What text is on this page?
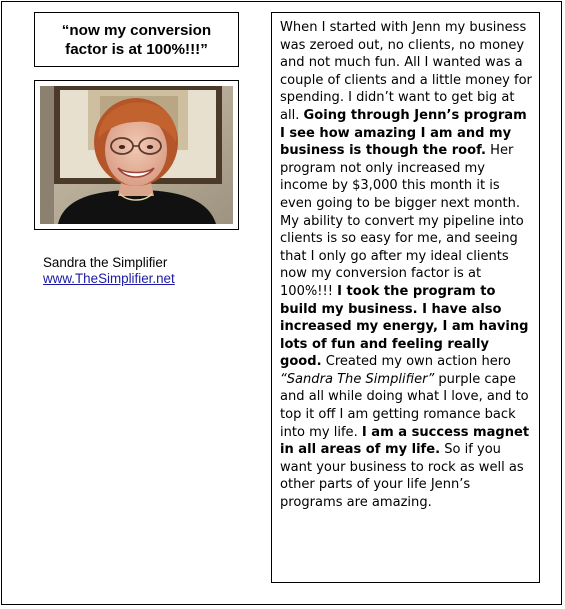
“now my conversion
factor is at 100%!!!”
Sandra the Simplifier
www.TheSimplifier.net

When I started with Jenn my business was zeroed out, no clients, no money and not much fun. All I wanted was a couple of clients and a little money for spending. I didn’t want to get big at all. Going through Jenn’s program I see how amazing I am and my business is though the roof. Her program not only increased my income by $3,000 this month it is even going to be bigger next month. My ability to convert my pipeline into clients is so easy for me, and seeing that I only go after my ideal clients now my conversion factor is at 100%!!! I took the program to build my business. I have also increased my energy, I am having lots of fun and feeling really good. Created my own action hero “Sandra The Simplifier” purple cape and all while doing what I love, and to top it off I am getting romance back into my life. I am a success magnet in all areas of my life. So if you want your business to rock as well as other parts of your life Jenn’s programs are amazing.
